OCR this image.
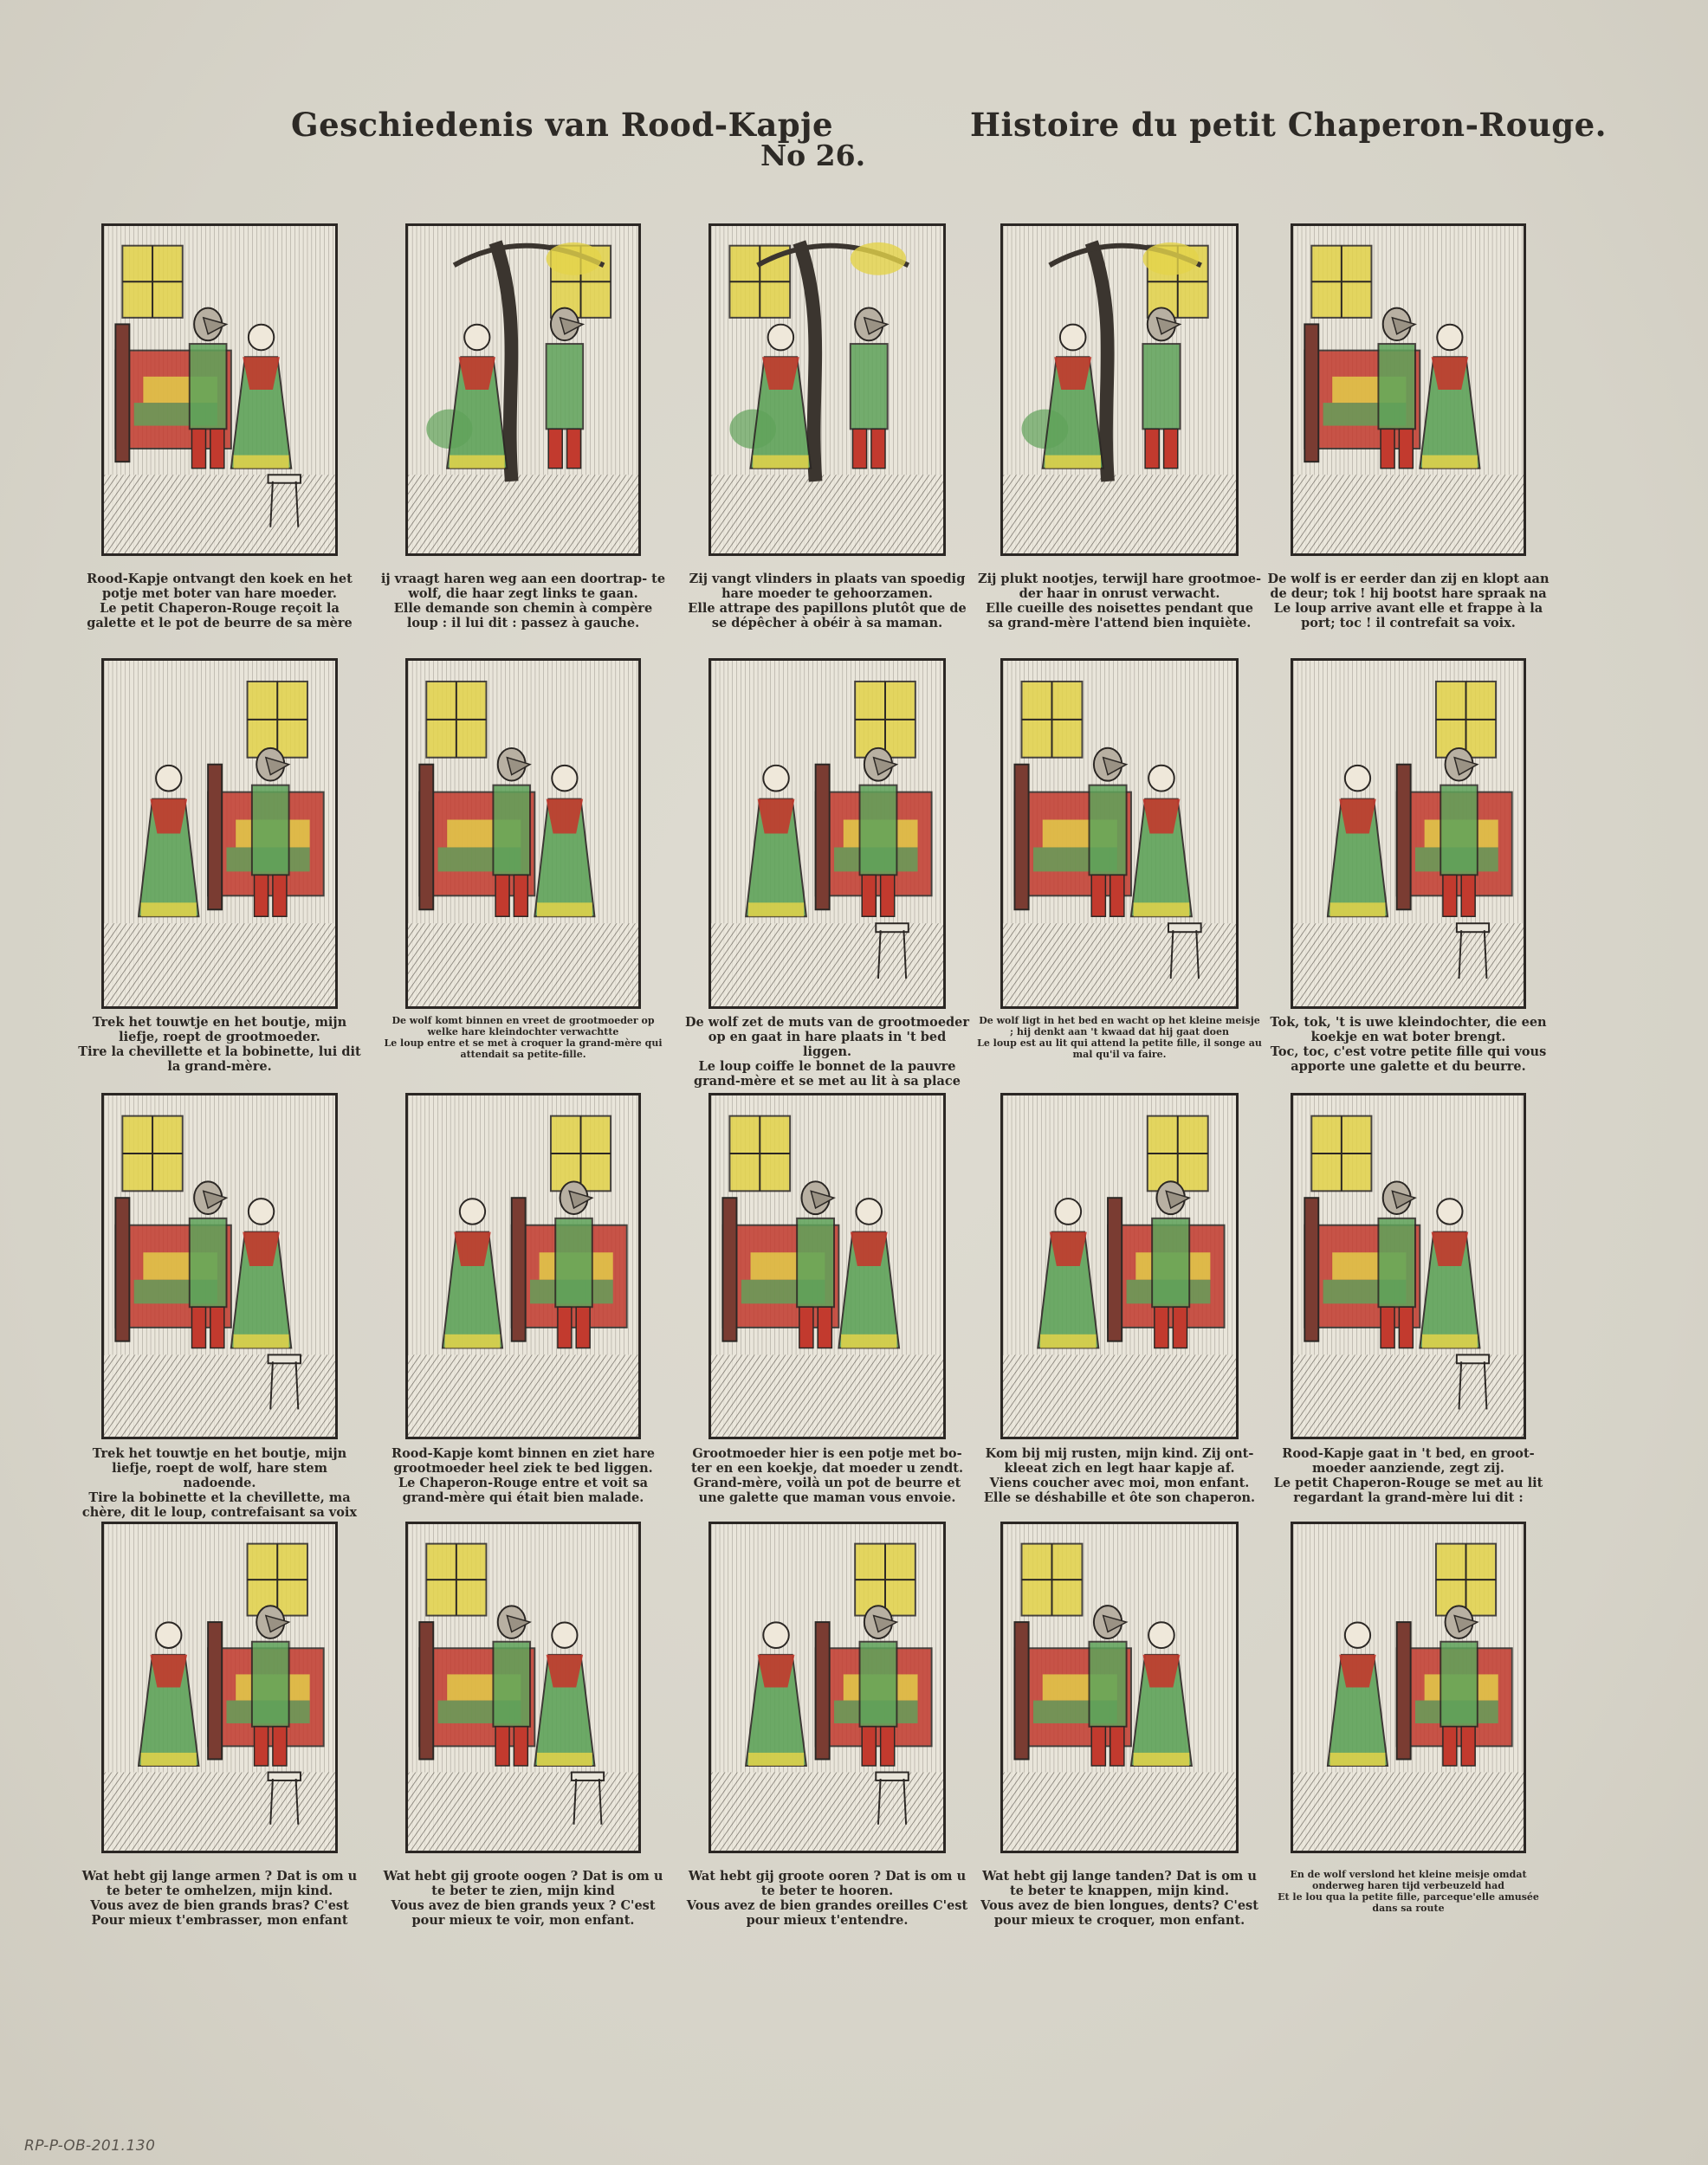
Geschiedenis van Rood-Kapje
No 26.
Histoire du petit Chaperon-Rouge.
Rood-Kapje ontvangt den koek en het potje met boter van hare moeder.
Le petit Chaperon-Rouge reçoit la galette et le pot de beurre de sa mère
ij vraagt haren weg aan een doortrap- te wolf, die haar zegt links te gaan.
Elle demande son chemin à compère loup : il lui dit : passez à gauche.
Zij vangt vlinders in plaats van spoedig hare moeder te gehoorzamen.
Elle attrape des papillons plutôt que de se dépêcher à obéir à sa maman.
Zij plukt nootjes, terwijl hare grootmoe- der haar in onrust verwacht.
Elle cueille des noisettes pendant que sa grand-mère l'attend bien inquiète.
De wolf is er eerder dan zij en klopt aan de deur; tok ! hij bootst hare spraak na
Le loup arrive avant elle et frappe à la port; toc ! il contrefait sa voix.
Trek het touwtje en het boutje, mijn liefje, roept de grootmoeder.
Tire la chevillette et la bobinette, lui dit la grand-mère.
De wolf komt binnen en vreet de grootmoeder op welke hare kleindochter verwachtte
Le loup entre et se met à croquer la grand-mère qui attendait sa petite-fille.
De wolf zet de muts van de grootmoeder op en gaat in hare plaats in 't bed liggen.
Le loup coiffe le bonnet de la pauvre grand-mère et se met au lit à sa place
De wolf ligt in het bed en wacht op het kleine meisje ; hij denkt aan 't kwaad dat hij gaat doen
Le loup est au lit qui attend la petite fille, il songe au mal qu'il va faire.
Tok, tok, 't is uwe kleindochter, die een koekje en wat boter brengt.
Toc, toc, c'est votre petite fille qui vous apporte une galette et du beurre.
Trek het touwtje en het boutje, mijn liefje, roept de wolf, hare stem nadoende.
Tire la bobinette et la chevillette, ma chère, dit le loup, contrefaisant sa voix
Rood-Kapje komt binnen en ziet hare grootmoeder heel ziek te bed liggen.
Le Chaperon-Rouge entre et voit sa grand-mère qui était bien malade.
Grootmoeder hier is een potje met bo- ter en een koekje, dat moeder u zendt.
Grand-mère, voilà un pot de beurre et une galette que maman vous envoie.
Kom bij mij rusten, mijn kind. Zij ont- kleeat zich en legt haar kapje af.
Viens coucher avec moi, mon enfant. Elle se déshabille et ôte son chaperon.
Rood-Kapje gaat in 't bed, en groot- moeder aanziende, zegt zij.
Le petit Chaperon-Rouge se met au lit regardant la grand-mère lui dit :
Wat hebt gij lange armen ? Dat is om u te beter te omhelzen, mijn kind.
Vous avez de bien grands bras? C'est Pour mieux t'embrasser, mon enfant
Wat hebt gij groote oogen ? Dat is om u te beter te zien, mijn kind
Vous avez de bien grands yeux ? C'est pour mieux te voir, mon enfant.
Wat hebt gij groote ooren ? Dat is om u te beter te hooren.
Vous avez de bien grandes oreilles C'est pour mieux t'entendre.
Wat hebt gij lange tanden? Dat is om u te beter te knappen, mijn kind.
Vous avez de bien longues, dents? C'est pour mieux te croquer, mon enfant.
En de wolf verslond het kleine meisje omdat onderweg haren tijd verbeuzeld had
Et le lou qua la petite fille, parceque'elle amusée dans sa route
RP-P-OB-201.130
